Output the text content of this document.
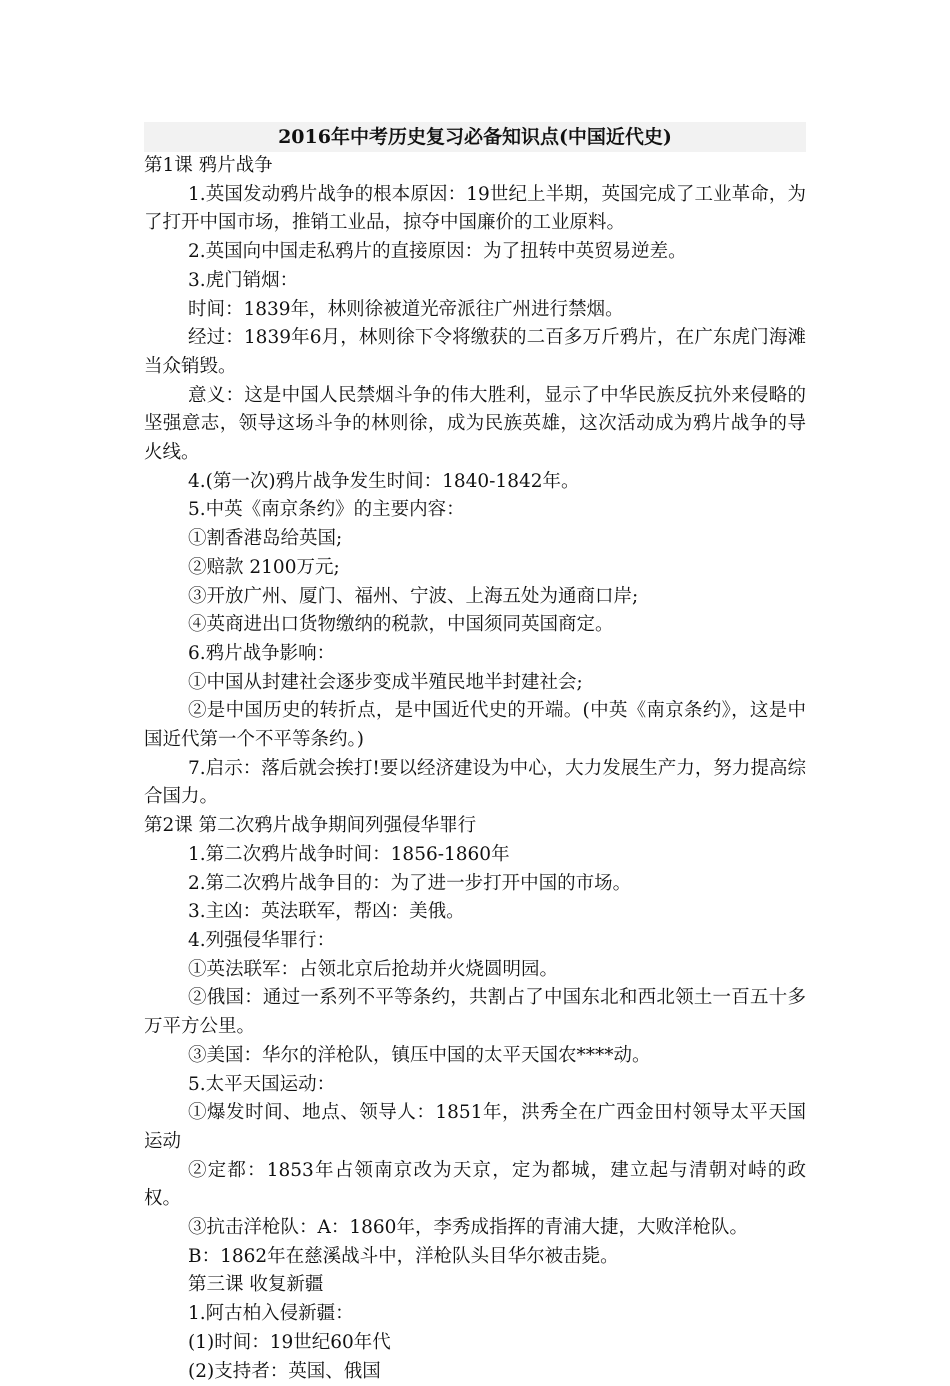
2016年中考历史复习必备知识点(中国近代史)

第1课 鸦片战争

1.英国发动鸦片战争的根本原因：19世纪上半期，英国完成了工业革命，为了打开中国市场，推销工业品，掠夺中国廉价的工业原料。

2.英国向中国走私鸦片的直接原因：为了扭转中英贸易逆差。

3.虎门销烟：

时间：1839年，林则徐被道光帝派往广州进行禁烟。

经过：1839年6月，林则徐下令将缴获的二百多万斤鸦片，在广东虎门海滩当众销毁。

意义：这是中国人民禁烟斗争的伟大胜利，显示了中华民族反抗外来侵略的坚强意志，领导这场斗争的林则徐，成为民族英雄，这次活动成为鸦片战争的导火线。

4.(第一次)鸦片战争发生时间：1840-1842年。

5.中英《南京条约》的主要内容：

①割香港岛给英国;

②赔款 2100万元;

③开放广州、厦门、福州、宁波、上海五处为通商口岸;

④英商进出口货物缴纳的税款，中国须同英国商定。

6.鸦片战争影响：

①中国从封建社会逐步变成半殖民地半封建社会;

②是中国历史的转折点，是中国近代史的开端。(中英《南京条约》，这是中国近代第一个不平等条约。)

7.启示：落后就会挨打!要以经济建设为中心，大力发展生产力，努力提高综合国力。

第2课 第二次鸦片战争期间列强侵华罪行

1.第二次鸦片战争时间：1856-1860年

2.第二次鸦片战争目的：为了进一步打开中国的市场。

3.主凶：英法联军，帮凶：美俄。

4.列强侵华罪行：

①英法联军：占领北京后抢劫并火烧圆明园。

②俄国：通过一系列不平等条约，共割占了中国东北和西北领土一百五十多万平方公里。

③美国：华尔的洋枪队，镇压中国的太平天国农****动。

5.太平天国运动：

①爆发时间、地点、领导人：1851年，洪秀全在广西金田村领导太平天国运动

②定都：1853年占领南京改为天京，定为都城，建立起与清朝对峙的政权。

③抗击洋枪队：A：1860年，李秀成指挥的青浦大捷，大败洋枪队。

B：1862年在慈溪战斗中，洋枪队头目华尔被击毙。

第三课 收复新疆

1.阿古柏入侵新疆：

(1)时间：19世纪60年代

(2)支持者：英国、俄国
